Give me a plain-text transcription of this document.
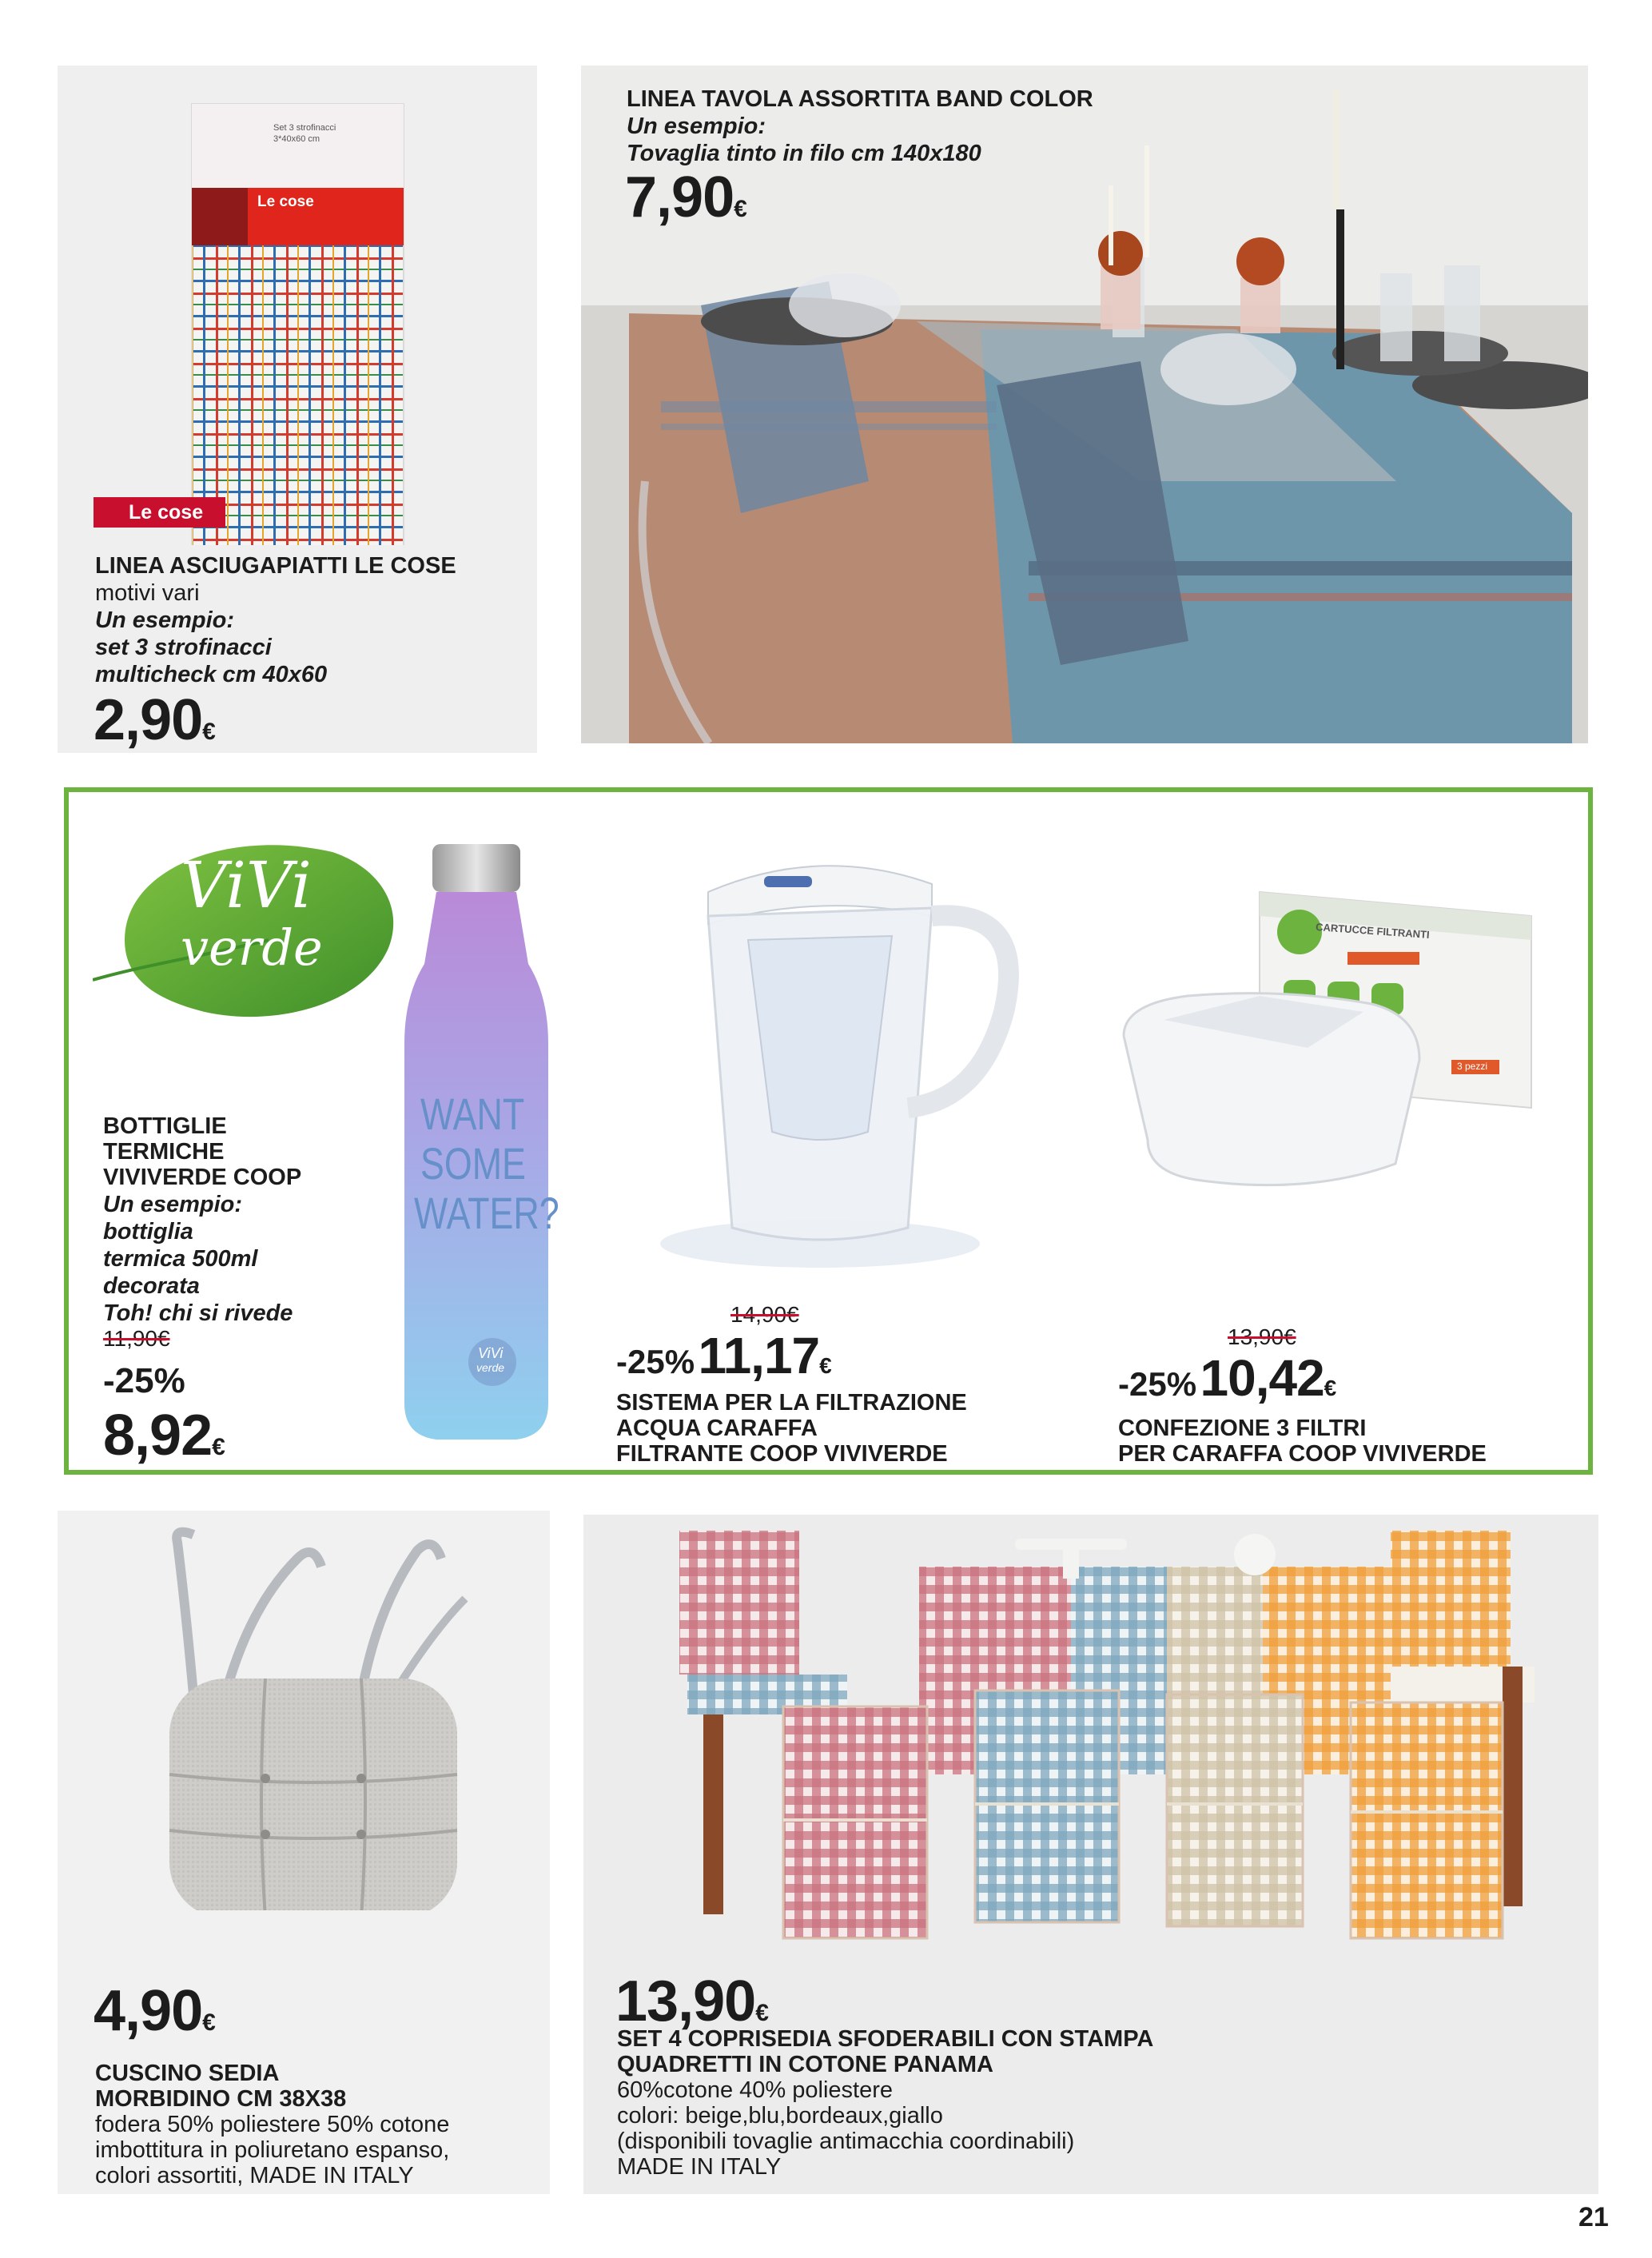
Set 3 strofinacci
3*40x60 cm
Le cose
Le cose
LINEA ASCIUGAPIATTI LE COSE
motivi vari
Un esempio:
set 3 strofinacci
multicheck cm 40x60
2,90€
LINEA TAVOLA ASSORTITA BAND COLOR
Un esempio:
Tovaglia tinto in filo cm 140x180
7,90€
ViVi
verde
WANT
SOME
WATER?
ViVi
verde
BOTTIGLIE
TERMICHE
VIVIVERDE COOP
Un esempio:
bottiglia
termica 500ml
decorata
Toh! chi si rivede
11,90€
-25%
8,92€
14,90€
-25% 11,17€
SISTEMA PER LA FILTRAZIONE
ACQUA CARAFFA
FILTRANTE COOP VIVIVERDE
CARTUCCE FILTRANTI
3 pezzi
13,90€
-25% 10,42€
CONFEZIONE 3 FILTRI
PER CARAFFA COOP VIVIVERDE
4,90€
CUSCINO SEDIA
MORBIDINO CM 38X38
fodera 50% poliestere 50% cotone
imbottitura in poliuretano espanso,
colori assortiti, MADE IN ITALY
13,90€
SET 4 COPRISEDIA SFODERABILI CON STAMPA
QUADRETTI IN COTONE PANAMA
60%cotone 40% poliestere
colori: beige,blu,bordeaux,giallo
(disponibili tovaglie antimacchia coordinabili)
MADE IN ITALY
21
